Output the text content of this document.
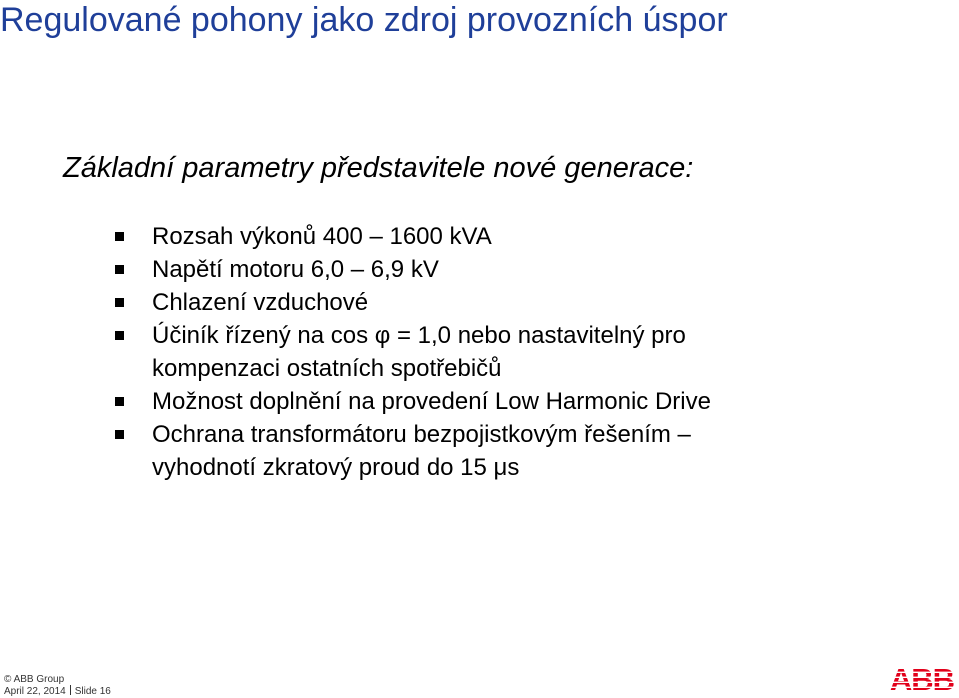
Regulované pohony jako zdroj provozních úspor
Základní parametry představitele nové generace:
Rozsah výkonů 400 – 1600 kVA
Napětí motoru 6,0 – 6,9 kV
Chlazení vzduchové
Účiník řízený na cos φ = 1,0 nebo nastavitelný pro
kompenzaci ostatních spotřebičů
Možnost doplnění na provedení Low Harmonic Drive
Ochrana transformátoru bezpojistkovým řešením –
vyhodnotí zkratový proud do 15 μs
© ABB Group
April 22, 2014 Slide 16	ABB
